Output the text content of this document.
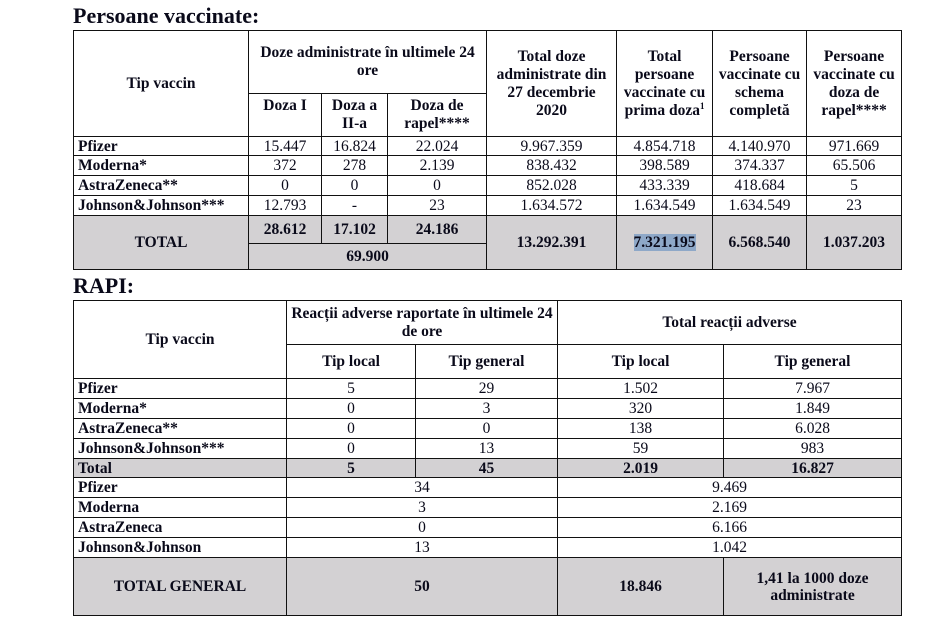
Persoane vaccinate:
Tip vaccin	Doze administrate în ultimele 24 ore			Total doze administrate din 27 decembrie 2020	Total persoane vaccinate cu prima doza$^1$	Persoane vaccinate cu schema completă	Persoane vaccinate cu doza de rapel****
	Doza I	Doza a II-a	Doza de rapel****				
Pfizer	15.447	16.824	22.024	9.967.359	4.854.718	4.140.970	971.669
Moderna*	372	278	2.139	838.432	398.589	374.337	65.506
AstraZeneca**	0	0	0	852.028	433.339	418.684	5
Johnson&Johnson***	12.793	-	23	1.634.572	1.634.549	1.634.549	23
TOTAL	28.612	17.102	24.186	13.292.391	7.321.195	6.568.540	1.037.203
	69.900						
RAPI:
Tip vaccin	Reacții adverse raportate în ultimele 24 de ore		Total reacții adverse	
	Tip local	Tip general	Tip local	Tip general
Pfizer	5	29	1.502	7.967
Moderna*	0	3	320	1.849
AstraZeneca**	0	0	138	6.028
Johnson&Johnson***	0	13	59	983
Total	5	45	2.019	16.827
Pfizer	34		9.469	
Moderna	3		2.169	
AstraZeneca	0		6.166	
Johnson&Johnson	13		1.042	
TOTAL GENERAL	50		18.846	1,41 la 1000 doze administrate
